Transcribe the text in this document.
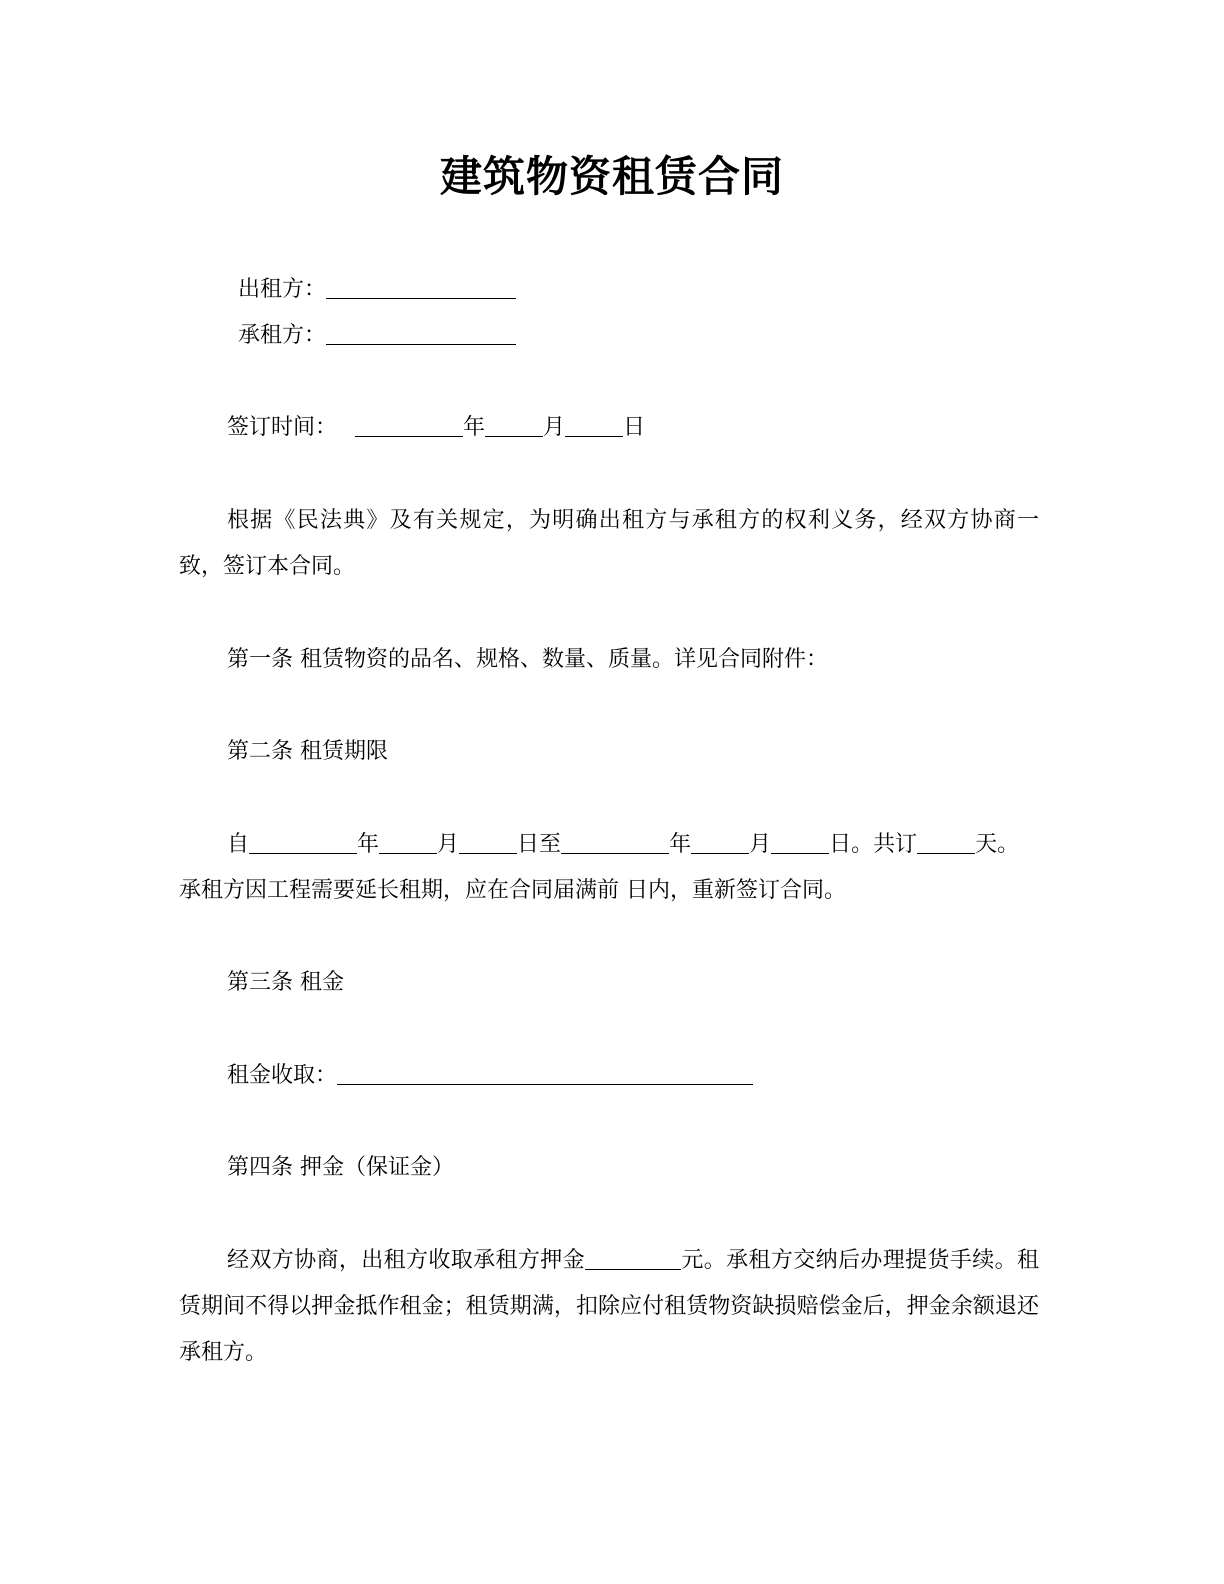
建筑物资租赁合同
出租方：
承租方：
签订时间：	年	月	日
根据《民法典》及有关规定，为明确出租方与承租方的权利义务，经双方协商一致，签订本合同。
第一条 租赁物资的品名、规格、数量、质量。详见合同附件：
第二条 租赁期限
自	年	月	日至	年	月	日。共订	天。
承租方因工程需要延长租期，应在合同届满前 日内，重新签订合同。
第三条 租金
租金收取：
第四条 押金（保证金）
经双方协商，出租方收取承租方押金	元。承租方交纳后办理提货手续。租赁期间不得以押金抵作租金；租赁期满，扣除应付租赁物资缺损赔偿金后，押金余额退还承租方。
